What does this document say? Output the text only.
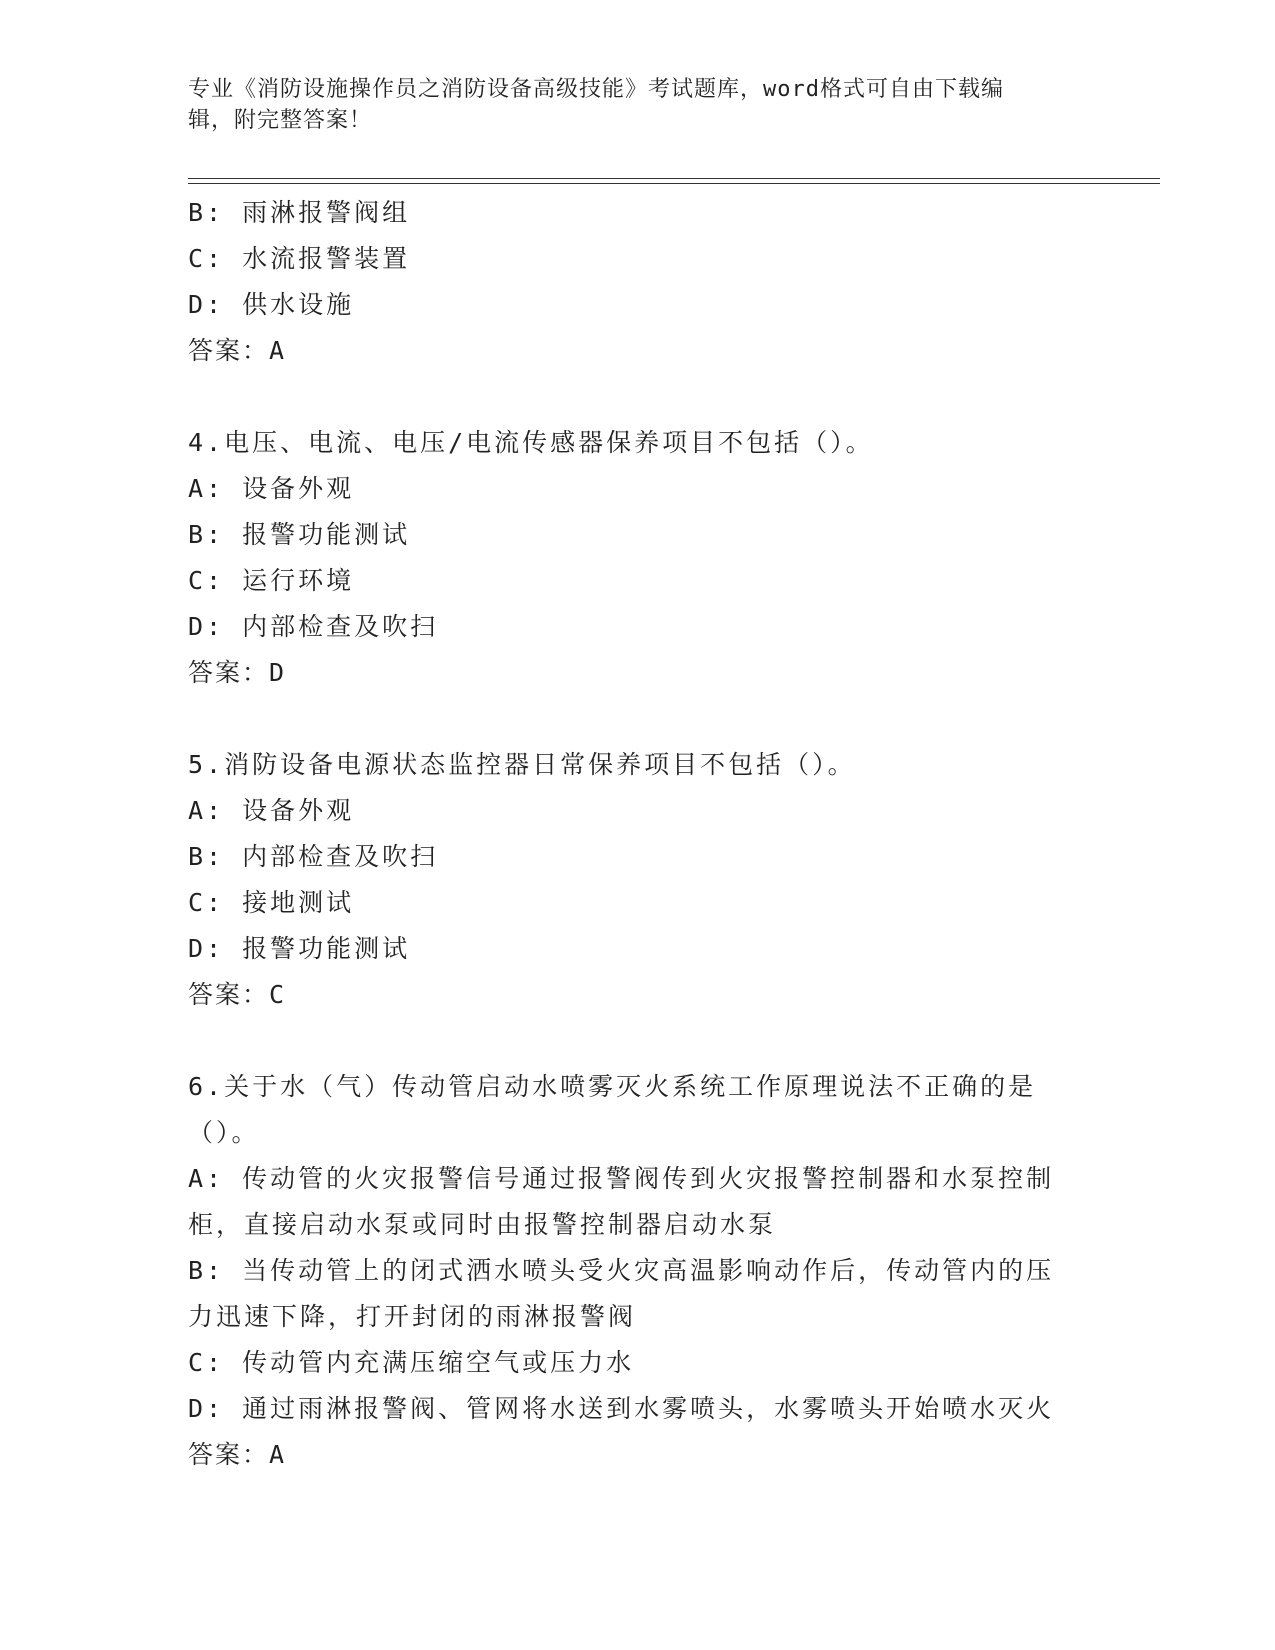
专业《消防设施操作员之消防设备高级技能》考试题库，word格式可自由下载编
辑，附完整答案！
B: 雨淋报警阀组
C: 水流报警装置
D: 供水设施
答案：A
4.电压、电流、电压/电流传感器保养项目不包括（）。
A: 设备外观
B: 报警功能测试
C: 运行环境
D: 内部检查及吹扫
答案：D
5.消防设备电源状态监控器日常保养项目不包括（）。
A: 设备外观
B: 内部检查及吹扫
C: 接地测试
D: 报警功能测试
答案：C
6.关于水（气）传动管启动水喷雾灭火系统工作原理说法不正确的是
（）。
A: 传动管的火灾报警信号通过报警阀传到火灾报警控制器和水泵控制
柜，直接启动水泵或同时由报警控制器启动水泵
B: 当传动管上的闭式洒水喷头受火灾高温影响动作后，传动管内的压
力迅速下降，打开封闭的雨淋报警阀
C: 传动管内充满压缩空气或压力水
D: 通过雨淋报警阀、管网将水送到水雾喷头，水雾喷头开始喷水灭火
答案：A
